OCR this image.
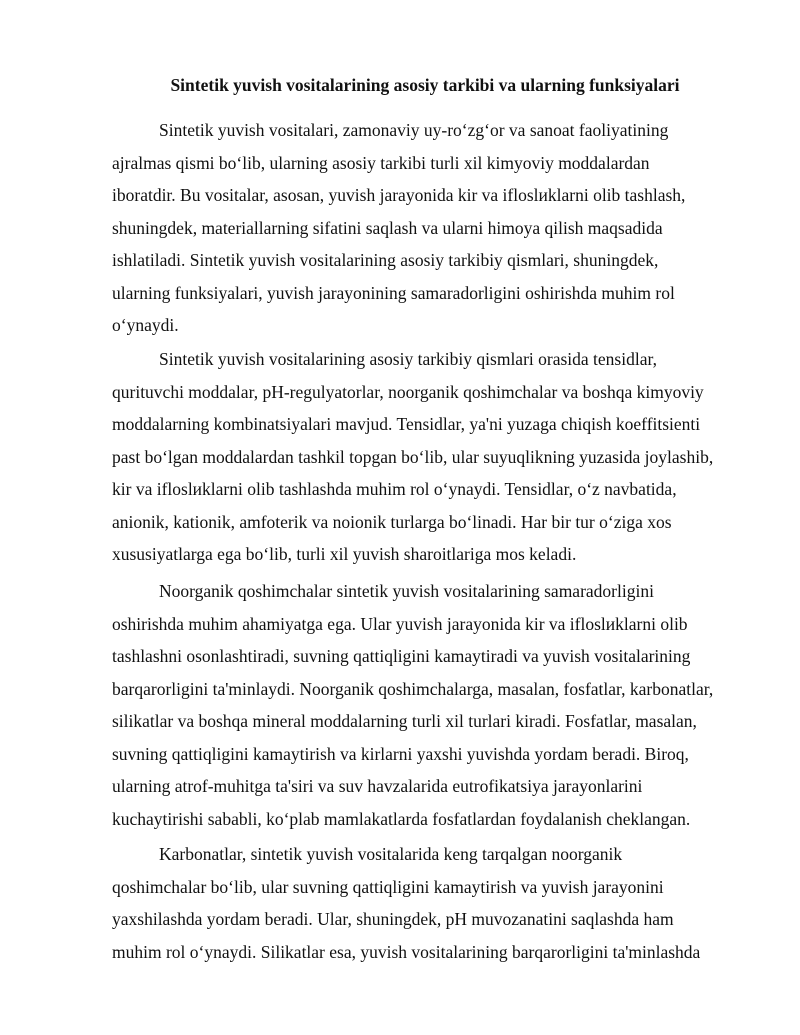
Sintetik yuvish vositalarining asosiy tarkibi va ularning funksiyalari
Sintetik yuvish vositalari, zamonaviy uy-ro‘zg‘or va sanoat faoliyatining
ajralmas qismi bo‘lib, ularning asosiy tarkibi turli xil kimyoviy moddalardan
iboratdir. Bu vositalar, asosan, yuvish jarayonida kir va ifloslиklarni olib tashlash,
shuningdek, materiallarning sifatini saqlash va ularni himoya qilish maqsadida
ishlatiladi. Sintetik yuvish vositalarining asosiy tarkibiy qismlari, shuningdek,
ularning funksiyalari, yuvish jarayonining samaradorligini oshirishda muhim rol
o‘ynaydi.
Sintetik yuvish vositalarining asosiy tarkibiy qismlari orasida tensidlar,
qurituvchi moddalar, pH-regulyatorlar, noorganik qoshimchalar va boshqa kimyoviy
moddalarning kombinatsiyalari mavjud. Tensidlar, ya'ni yuzaga chiqish koeffitsienti
past bo‘lgan moddalardan tashkil topgan bo‘lib, ular suyuqlikning yuzasida joylashib,
kir va ifloslиklarni olib tashlashda muhim rol o‘ynaydi. Tensidlar, o‘z navbatida,
anionik, kationik, amfoterik va noionik turlarga bo‘linadi. Har bir tur o‘ziga xos
xususiyatlarga ega bo‘lib, turli xil yuvish sharoitlariga mos keladi.
Noorganik qoshimchalar sintetik yuvish vositalarining samaradorligini
oshirishda muhim ahamiyatga ega. Ular yuvish jarayonida kir va ifloslиklarni olib
tashlashni osonlashtiradi, suvning qattiqligini kamaytiradi va yuvish vositalarining
barqarorligini ta'minlaydi. Noorganik qoshimchalarga, masalan, fosfatlar, karbonatlar,
silikatlar va boshqa mineral moddalarning turli xil turlari kiradi. Fosfatlar, masalan,
suvning qattiqligini kamaytirish va kirlarni yaxshi yuvishda yordam beradi. Biroq,
ularning atrof-muhitga ta'siri va suv havzalarida eutrofikatsiya jarayonlarini
kuchaytirishi sababli, ko‘plab mamlakatlarda fosfatlardan foydalanish cheklangan.
Karbonatlar, sintetik yuvish vositalarida keng tarqalgan noorganik
qoshimchalar bo‘lib, ular suvning qattiqligini kamaytirish va yuvish jarayonini
yaxshilashda yordam beradi. Ular, shuningdek, pH muvozanatini saqlashda ham
muhim rol o‘ynaydi. Silikatlar esa, yuvish vositalarining barqarorligini ta'minlashda
